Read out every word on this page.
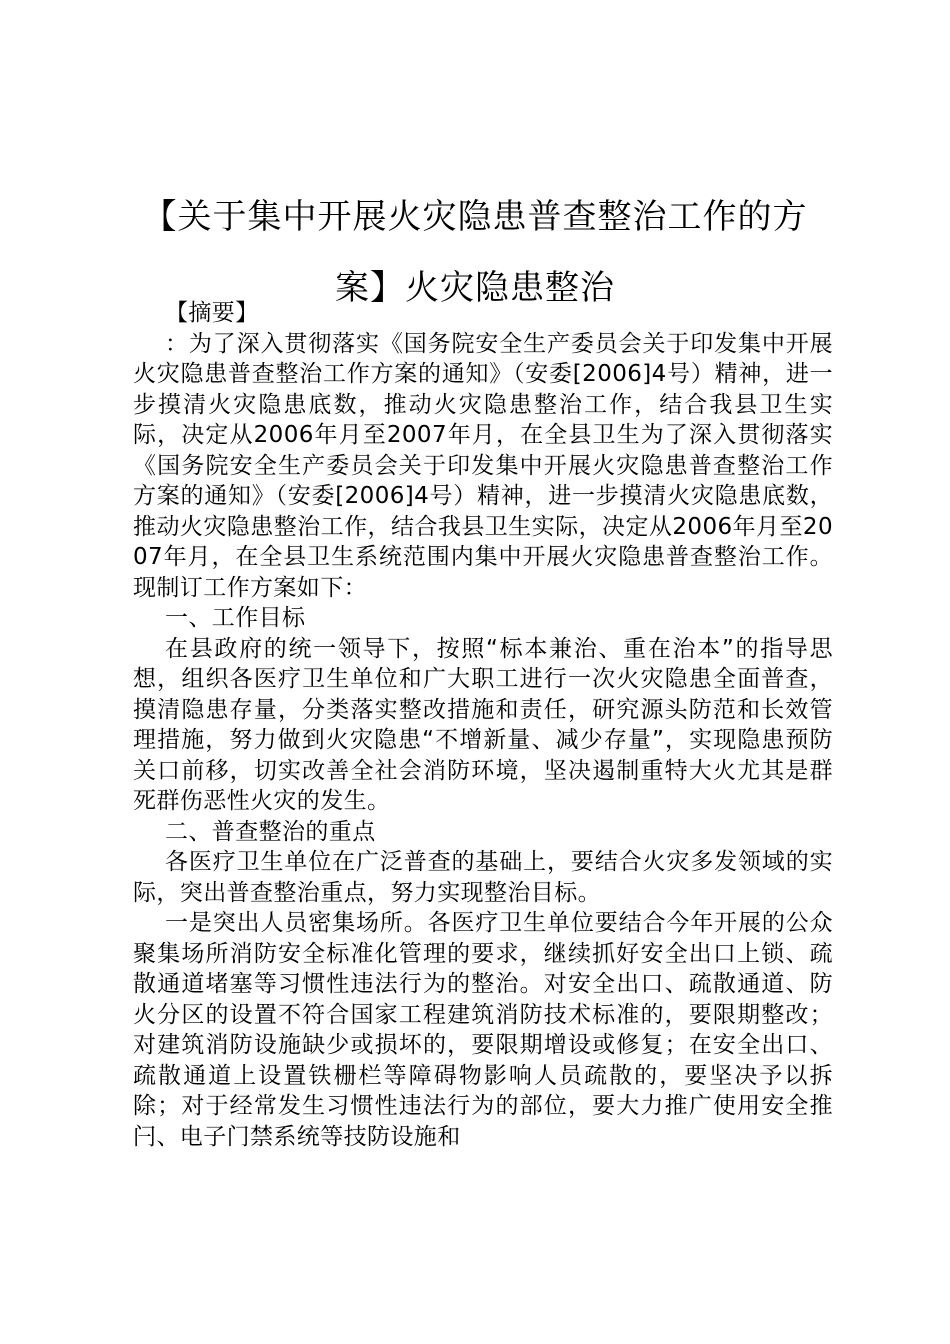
【关于集中开展火灾隐患普查整治工作的方
案】火灾隐患整治

【摘要】

：为了深入贯彻落实《国务院安全生产委员会关于印发集中开展火灾隐患普查整治工作方案的通知》（安委[2006]4号）精神，进一步摸清火灾隐患底数，推动火灾隐患整治工作，结合我县卫生实际，决定从2006年月至2007年月，在全县卫生为了深入贯彻落实《国务院安全生产委员会关于印发集中开展火灾隐患普查整治工作方案的通知》（安委[2006]4号）精神，进一步摸清火灾隐患底数，推动火灾隐患整治工作，结合我县卫生实际，决定从2006年月至2007年月，在全县卫生系统范围内集中开展火灾隐患普查整治工作。现制订工作方案如下：

一、工作目标

在县政府的统一领导下，按照“标本兼治、重在治本”的指导思想，组织各医疗卫生单位和广大职工进行一次火灾隐患全面普查，摸清隐患存量，分类落实整改措施和责任，研究源头防范和长效管理措施，努力做到火灾隐患“不增新量、减少存量”，实现隐患预防关口前移，切实改善全社会消防环境，坚决遏制重特大火尤其是群死群伤恶性火灾的发生。

二、普查整治的重点

各医疗卫生单位在广泛普查的基础上，要结合火灾多发领域的实际，突出普查整治重点，努力实现整治目标。

一是突出人员密集场所。各医疗卫生单位要结合今年开展的公众聚集场所消防安全标准化管理的要求，继续抓好安全出口上锁、疏散通道堵塞等习惯性违法行为的整治。对安全出口、疏散通道、防火分区的设置不符合国家工程建筑消防技术标准的，要限期整改；对建筑消防设施缺少或损坏的，要限期增设或修复；在安全出口、疏散通道上设置铁栅栏等障碍物影响人员疏散的，要坚决予以拆除；对于经常发生习惯性违法行为的部位，要大力推广使用安全推闩、电子门禁系统等技防设施和
